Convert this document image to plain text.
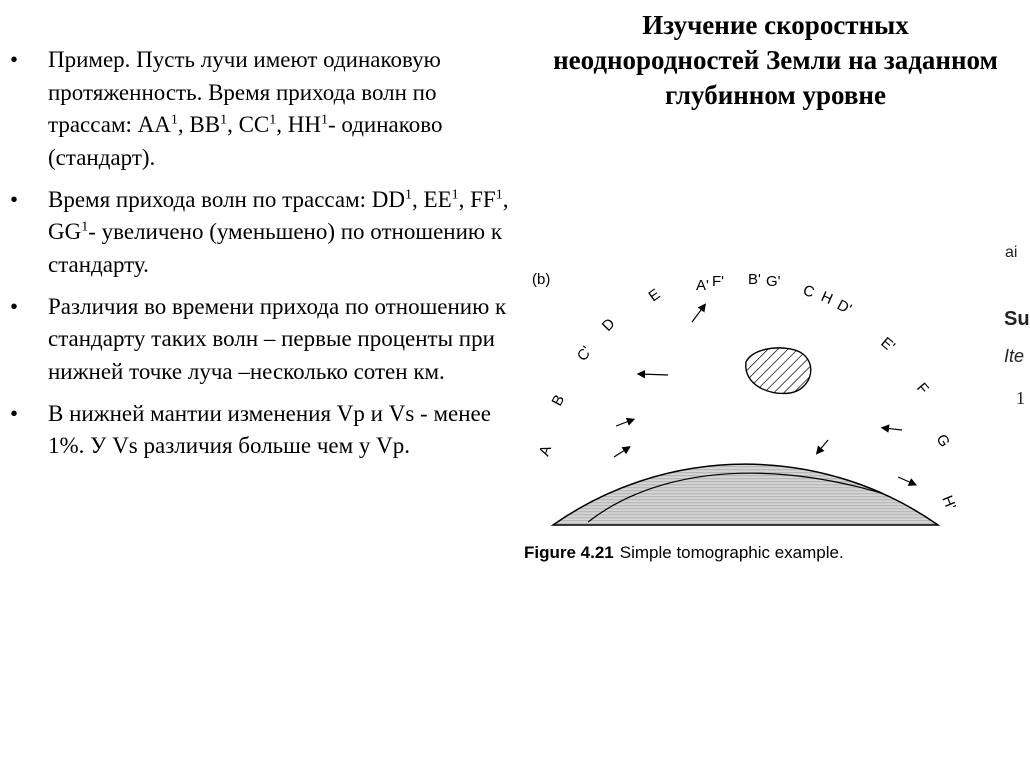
Изучение скоростных неоднородностей Земли на заданном глубинном уровне
• Пример. Пусть лучи имеют одинаковую протяженность. Время прихода волн по трассам: $АА^1$, $ВВ^1$, $СС^1$, $НН^1-$ одинаково (стандарт).
• Время прихода волн по трассам: $DD^1$, $ЕЕ^1$, $FF^1$, $GG^1-$ увеличено (уменьшено) по отношению к стандарту.
• Различия во времени прихода по отношению к стандарту таких волн – первые проценты при нижней точке луча –несколько сотен км.
• В нижней мантии изменения Vp и Vs - менее 1%. У Vs различия больше чем у Vp.
(b)
A
B
C'
D
E
A' F' B' G'
C H
D'
E'
F
G
H'
Figure 4.21 Simple tomographic example.
ai
Su
Ite
1
